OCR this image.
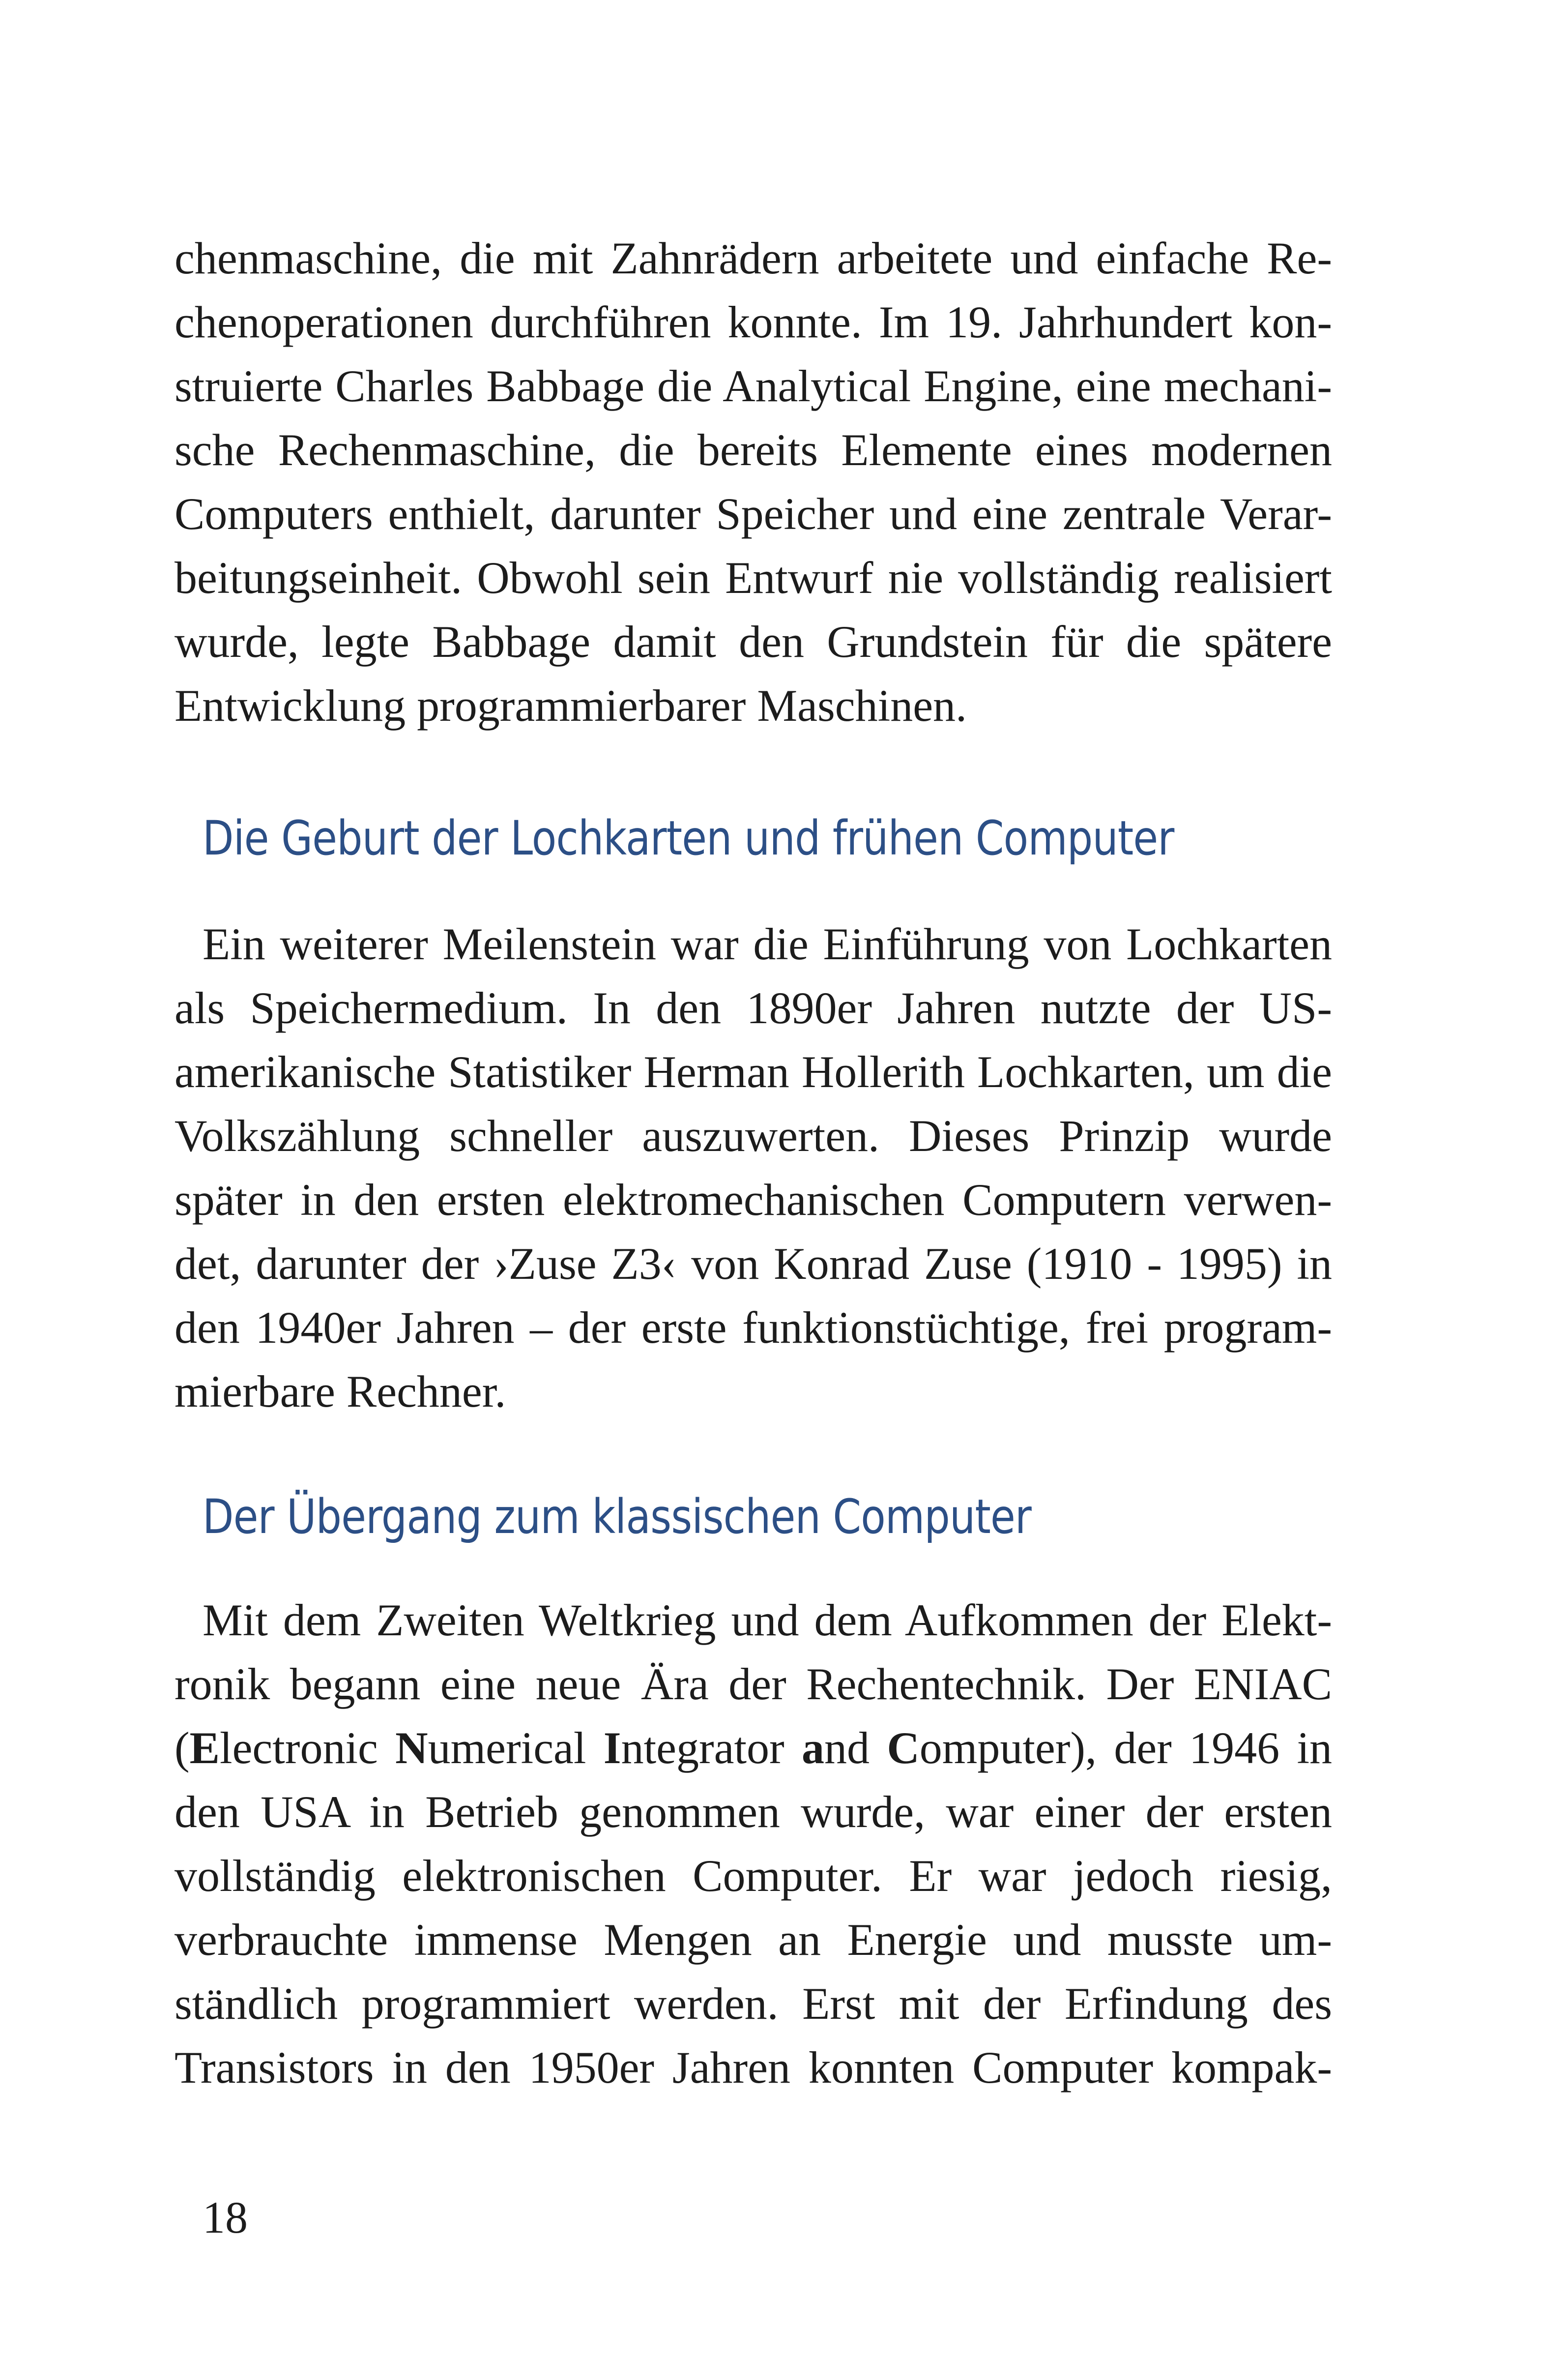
chenmaschine, die mit Zahnrädern arbeitete und einfache Re-
chenoperationen durchführen konnte. Im 19. Jahrhundert kon-
struierte Charles Babbage die Analytical Engine, eine mechani-
sche Rechenmaschine, die bereits Elemente eines modernen
Computers enthielt, darunter Speicher und eine zentrale Verar-
beitungseinheit. Obwohl sein Entwurf nie vollständig realisiert
wurde, legte Babbage damit den Grundstein für die spätere
Entwicklung programmierbarer Maschinen.
Die Geburt der Lochkarten und frühen Computer
Ein weiterer Meilenstein war die Einführung von Lochkarten
als Speichermedium. In den 1890er Jahren nutzte der US-
amerikanische Statistiker Herman Hollerith Lochkarten, um die
Volkszählung schneller auszuwerten. Dieses Prinzip wurde
später in den ersten elektromechanischen Computern verwen-
det, darunter der ›Zuse Z3‹ von Konrad Zuse (1910 - 1995) in
den 1940er Jahren – der erste funktionstüchtige, frei program-
mierbare Rechner.
Der Übergang zum klassischen Computer
Mit dem Zweiten Weltkrieg und dem Aufkommen der Elekt-
ronik begann eine neue Ära der Rechentechnik. Der ENIAC
(Electronic Numerical Integrator and Computer), der 1946 in
den USA in Betrieb genommen wurde, war einer der ersten
vollständig elektronischen Computer. Er war jedoch riesig,
verbrauchte immense Mengen an Energie und musste um-
ständlich programmiert werden. Erst mit der Erfindung des
Transistors in den 1950er Jahren konnten Computer kompak-
18
